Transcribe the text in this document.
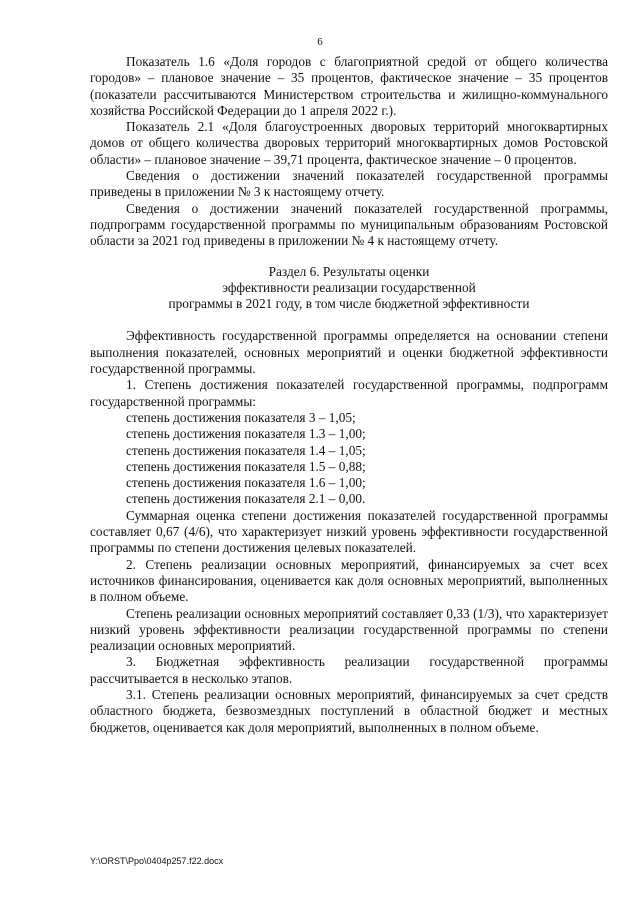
6

Показатель 1.6 «Доля городов с благоприятной средой от общего количества городов» – плановое значение – 35 процентов, фактическое значение – 35 процентов (показатели рассчитываются Министерством строительства и жилищно-коммунального хозяйства Российской Федерации до 1 апреля 2022 г.).

Показатель 2.1 «Доля благоустроенных дворовых территорий многоквартирных домов от общего количества дворовых территорий многоквартирных домов Ростовской области» – плановое значение – 39,71 процента, фактическое значение – 0 процентов.

Сведения о достижении значений показателей государственной программы приведены в приложении № 3 к настоящему отчету.

Сведения о достижении значений показателей государственной программы, подпрограмм государственной программы по муниципальным образованиям Ростовской области за 2021 год приведены в приложении № 4 к настоящему отчету.

Раздел 6. Результаты оценки
эффективности реализации государственной
программы в 2021 году, в том числе бюджетной эффективности

Эффективность государственной программы определяется на основании степени выполнения показателей, основных мероприятий и оценки бюджетной эффективности государственной программы.

1. Степень достижения показателей государственной программы, подпрограмм государственной программы:

степень достижения показателя 3 – 1,05;
степень достижения показателя 1.3 – 1,00;
степень достижения показателя 1.4 – 1,05;
степень достижения показателя 1.5 – 0,88;
степень достижения показателя 1.6 – 1,00;
степень достижения показателя 2.1 – 0,00.

Суммарная оценка степени достижения показателей государственной программы составляет 0,67 (4/6), что характеризует низкий уровень эффективности государственной программы по степени достижения целевых показателей.

2. Степень реализации основных мероприятий, финансируемых за счет всех источников финансирования, оценивается как доля основных мероприятий, выполненных в полном объеме.

Степень реализации основных мероприятий составляет 0,33 (1/3), что характеризует низкий уровень эффективности реализации государственной программы по степени реализации основных мероприятий.

3. Бюджетная эффективность реализации государственной программы рассчитывается в несколько этапов.

3.1. Степень реализации основных мероприятий, финансируемых за счет средств областного бюджета, безвозмездных поступлений в областной бюджет и местных бюджетов, оценивается как доля мероприятий, выполненных в полном объеме.

Y:\ORST\Ppo\0404p257.f22.docx
